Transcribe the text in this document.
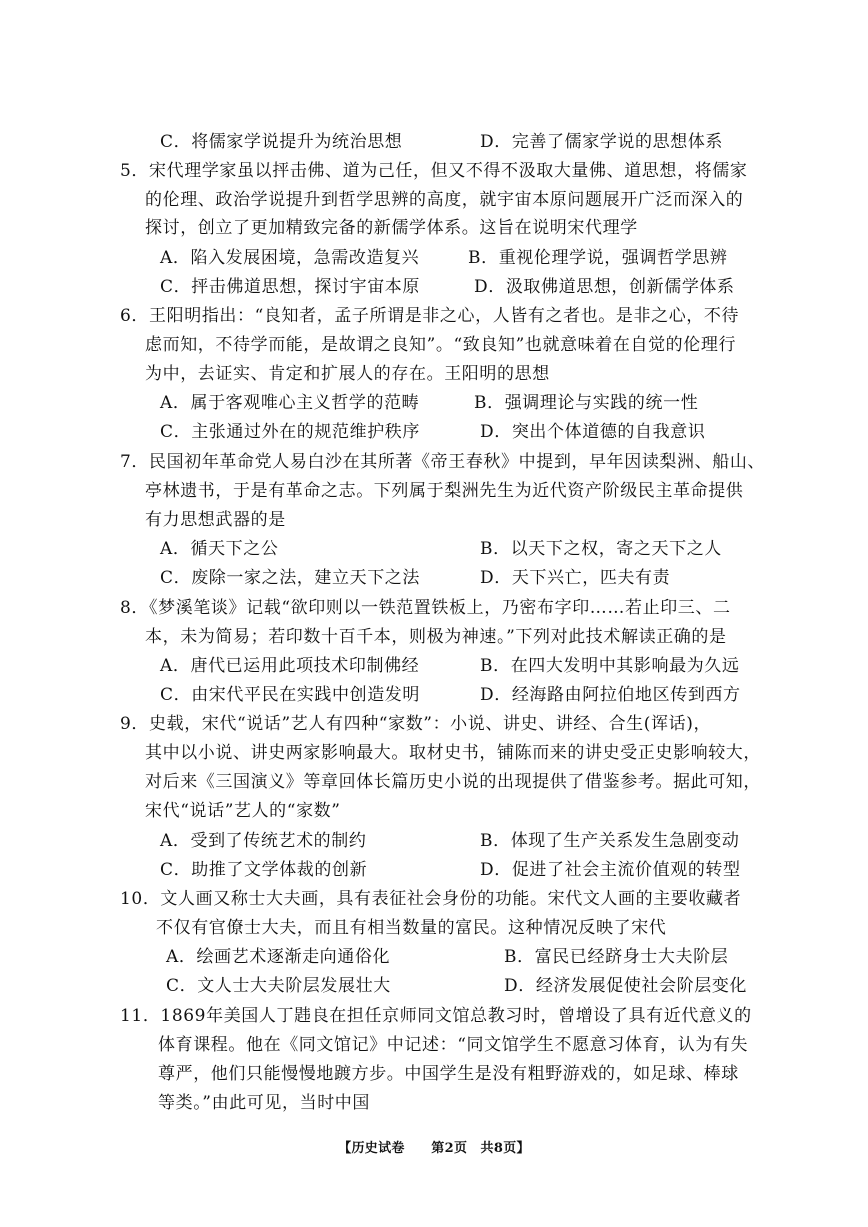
C．将儒家学说提升为统治思想	D．完善了儒家学说的思想体系
5．宋代理学家虽以抨击佛、道为己任，但又不得不汲取大量佛、道思想，将儒家
的伦理、政治学说提升到哲学思辨的高度，就宇宙本原问题展开广泛而深入的
探讨，创立了更加精致完备的新儒学体系。这旨在说明宋代理学
A．陷入发展困境，急需改造复兴	B．重视伦理学说，强调哲学思辨
C．抨击佛道思想，探讨宇宙本原	D．汲取佛道思想，创新儒学体系
6．王阳明指出：“良知者，孟子所谓是非之心，人皆有之者也。是非之心，不待
虑而知，不待学而能，是故谓之良知”。“致良知”也就意味着在自觉的伦理行
为中，去证实、肯定和扩展人的存在。王阳明的思想
A．属于客观唯心主义哲学的范畴	B．强调理论与实践的统一性
C．主张通过外在的规范维护秩序	D．突出个体道德的自我意识
7．民国初年革命党人易白沙在其所著《帝王春秋》中提到，早年因读梨洲、船山、
亭林遗书，于是有革命之志。下列属于梨洲先生为近代资产阶级民主革命提供
有力思想武器的是
A．循天下之公	B．以天下之权，寄之天下之人
C．废除一家之法，建立天下之法	D．天下兴亡，匹夫有责
8．《梦溪笔谈》记载“欲印则以一铁范置铁板上，乃密布字印……若止印三、二
本，未为简易；若印数十百千本，则极为神速。”下列对此技术解读正确的是
A．唐代已运用此项技术印制佛经	B．在四大发明中其影响最为久远
C．由宋代平民在实践中创造发明	D．经海路由阿拉伯地区传到西方
9．史载，宋代“说话”艺人有四种“家数”：小说、讲史、讲经、合生(诨话)，
其中以小说、讲史两家影响最大。取材史书，铺陈而来的讲史受正史影响较大，
对后来《三国演义》等章回体长篇历史小说的出现提供了借鉴参考。据此可知，
宋代“说话”艺人的“家数”
A．受到了传统艺术的制约	B．体现了生产关系发生急剧变动
C．助推了文学体裁的创新	D．促进了社会主流价值观的转型
10．文人画又称士大夫画，具有表征社会身份的功能。宋代文人画的主要收藏者
不仅有官僚士大夫，而且有相当数量的富民。这种情况反映了宋代
A．绘画艺术逐渐走向通俗化	B．富民已经跻身士大夫阶层
C．文人士大夫阶层发展壮大	D．经济发展促使社会阶层变化
11．1869年美国人丁韪良在担任京师同文馆总教习时，曾增设了具有近代意义的
体育课程。他在《同文馆记》中记述：“同文馆学生不愿意习体育，认为有失
尊严，他们只能慢慢地踱方步。中国学生是没有粗野游戏的，如足球、棒球
等类。”由此可见，当时中国
【历史试卷　　第2页　共8页】
